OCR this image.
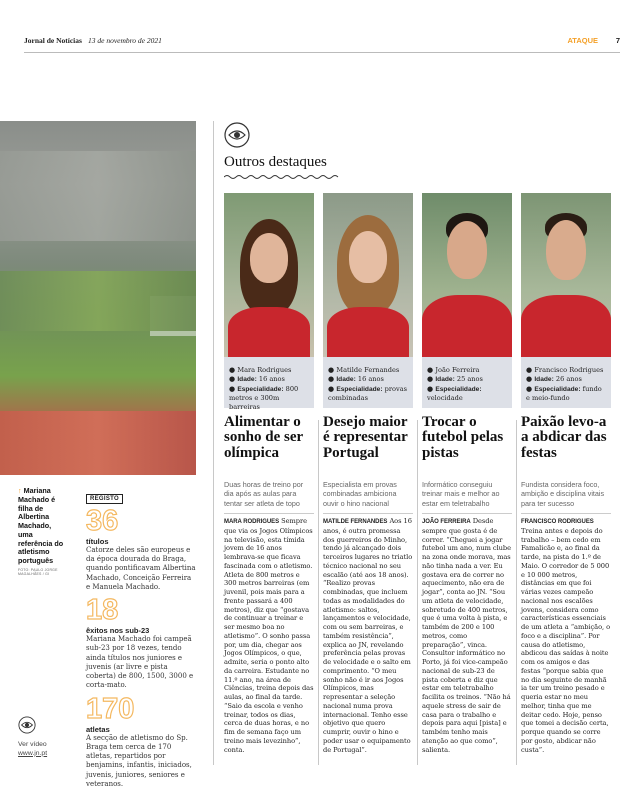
Jornal de Notícias 13 de novembro de 2021	ATAQUE 7
↑ Mariana Machado é filha de Albertina Machado, uma referência do atletismo português
FOTO: PAULO JORGE MAGALHÃES / GI
REGISTO
36
títulos
Catorze deles são europeus e da época dourada do Braga, quando pontificavam Albertina Machado, Conceição Ferreira e Manuela Machado.
18
êxitos nos sub-23
Mariana Machado foi campeã sub-23 por 18 vezes, tendo ainda títulos nos juniores e juvenis (ar livre e pista coberta) de 800, 1500, 3000 e corta-mato.
170
atletas
A secção de atletismo do Sp. Braga tem cerca de 170 atletas, repartidos por benjamins, infantis, iniciados, juvenis, juniores, seniores e veteranos.
Ver vídeo
www.jn.pt
Outros destaques
● Mara Rodrigues
● Idade: 16 anos
● Especialidade: 800 metros e 300m barreiras
Alimentar o sonho de ser olímpica
Duas horas de treino por dia após as aulas para tentar ser atleta de topo
MARA RODRIGUES Sempre que via os Jogos Olímpicos na televisão, esta tímida jovem de 16 anos lembrava-se que ficava fascinada com o atletismo. Atleta de 800 metros e 300 metros barreiras (em juvenil, pois mais para a frente passará a 400 metros), diz que “gostava de continuar a treinar e ser mesmo boa no atletismo”. O sonho passa por, um dia, chegar aos Jogos Olímpicos, o que, admite, seria o ponto alto da carreira. Estudante no 11.º ano, na área de Ciências, treina depois das aulas, ao final da tarde. “Saio da escola e venho treinar, todos os dias, cerca de duas horas, e no fim de semana faço um treino mais levezinho”, conta.
● Matilde Fernandes
● Idade: 16 anos
● Especialidade: provas combinadas
Desejo maior é representar Portugal
Especialista em provas combinadas ambiciona ouvir o hino nacional
MATILDE FERNANDES Aos 16 anos, é outra promessa dos guerreiros do Minho, tendo já alcançado dois terceiros lugares no triatlo técnico nacional no seu escalão (até aos 18 anos). “Realizo provas combinadas, que incluem todas as modalidades do atletismo: saltos, lançamentos e velocidade, com ou sem barreiras, e também resistência”, explica ao JN, revelando preferência pelas provas de velocidade e o salto em comprimento. “O meu sonho não é ir aos Jogos Olímpicos, mas representar a seleção nacional numa prova internacional. Tenho esse objetivo que quero cumprir, ouvir o hino e poder usar o equipamento de Portugal”.
● João Ferreira
● Idade: 25 anos
● Especialidade: velocidade
Trocar o futebol pelas pistas
Informático conseguiu treinar mais e melhor ao estar em teletrabalho
JOÃO FERREIRA Desde sempre que gosta é de correr. “Cheguei a jogar futebol um ano, num clube na zona onde morava, mas não tinha nada a ver. Eu gostava era de correr no aquecimento, não era de jogar”, conta ao JN. “Sou um atleta de velocidade, sobretudo de 400 metros, que é uma volta à pista, e também de 200 e 100 metros, como preparação”, vinca. Consultor informático no Porto, já foi vice-campeão nacional de sub-23 de pista coberta e diz que estar em teletrabalho facilita os treinos. “Não há aquele stress de sair de casa para o trabalho e depois para aqui [pista] e também tenho mais atenção ao que como”, salienta.
● Francisco Rodrigues
● Idade: 26 anos
● Especialidade: fundo e meio-fundo
Paixão levo-a a abdicar das festas
Fundista considera foco, ambição e disciplina vitais para ter sucesso
FRANCISCO RODRIGUES Treina antes e depois do trabalho – bem cedo em Famalicão e, ao final da tarde, na pista do 1.º de Maio. O corredor de 5 000 e 10 000 metros, distâncias em que foi várias vezes campeão nacional nos escalões jovens, considera como características essenciais de um atleta a “ambição, o foco e a disciplina”. Por causa do atletismo, abdicou das saídas à noite com os amigos e das festas “porque sabia que no dia seguinte de manhã ia ter um treino pesado e queria estar no meu melhor, tinha que me deitar cedo. Hoje, penso que tomei a decisão certa, porque quando se corre por gosto, abdicar não custa”.
